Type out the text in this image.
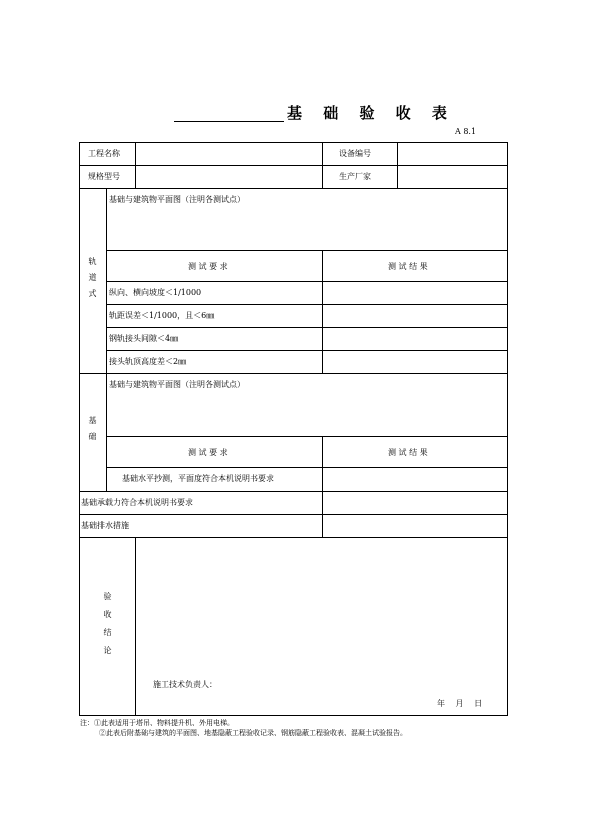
基 础 验 收 表
A 8.1
工程名称	设备编号
规格型号	生产厂家
轨道式
基础与建筑物平面图（注明各测试点）
测 试 要 求	测 试 结 果
纵向、横向坡度＜1/1000
轨距误差＜1/1000，且＜6㎜
钢轨接头间隙＜4㎜
接头轨顶高度差＜2㎜
基础
基础与建筑物平面图（注明各测试点）
测 试 要 求	测 试 结 果
基础水平抄测，平面度符合本机说明书要求
基础承载力符合本机说明书要求
基础排水措施
验收结论
施工技术负责人：
年　 月　 日
注：①此表适用于塔吊、物料提升机、外用电梯。
②此表后附基础与建筑的平面图、地基隐蔽工程验收记录、钢筋隐蔽工程验收表、混凝土试验报告。
